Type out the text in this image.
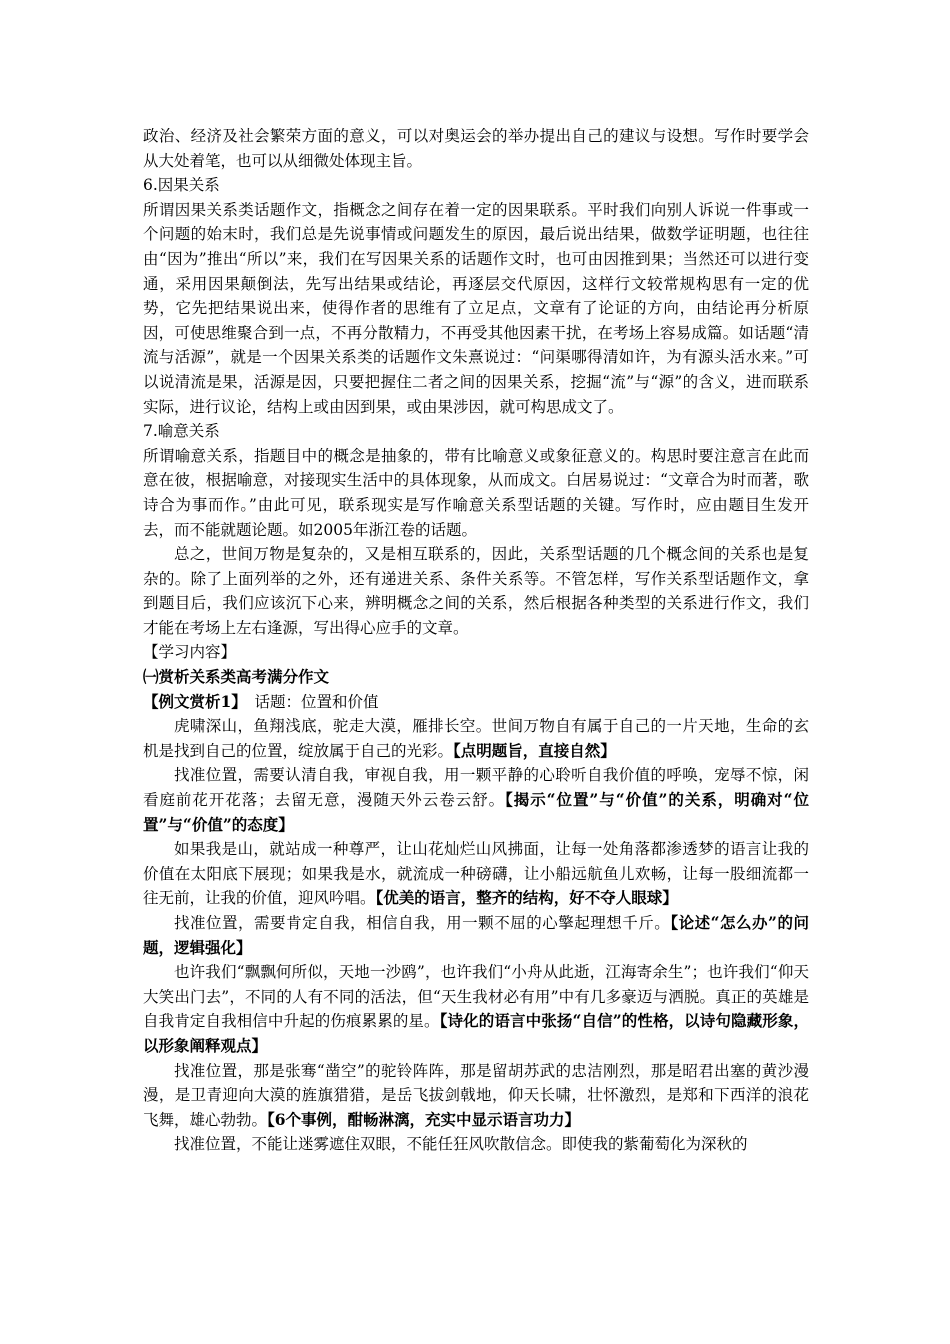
政治、经济及社会繁荣方面的意义，可以对奥运会的举办提出自己的建议与设想。写作时要学会从大处着笔，也可以从细微处体现主旨。

6.因果关系

所谓因果关系类话题作文，指概念之间存在着一定的因果联系。平时我们向别人诉说一件事或一个问题的始末时，我们总是先说事情或问题发生的原因，最后说出结果，做数学证明题，也往往由“因为”推出“所以”来，我们在写因果关系的话题作文时，也可由因推到果；当然还可以进行变通，采用因果颠倒法，先写出结果或结论，再逐层交代原因，这样行文较常规构思有一定的优势，它先把结果说出来，使得作者的思维有了立足点，文章有了论证的方向，由结论再分析原因，可使思维聚合到一点，不再分散精力，不再受其他因素干扰，在考场上容易成篇。如话题“清流与活源”，就是一个因果关系类的话题作文朱熹说过：“问渠哪得清如许，为有源头活水来。”可以说清流是果，活源是因，只要把握住二者之间的因果关系，挖掘“流”与“源”的含义，进而联系实际，进行议论，结构上或由因到果，或由果涉因，就可构思成文了。

7.喻意关系

所谓喻意关系，指题目中的概念是抽象的，带有比喻意义或象征意义的。构思时要注意言在此而意在彼，根据喻意，对接现实生活中的具体现象，从而成文。白居易说过：“文章合为时而著，歌诗合为事而作。”由此可见，联系现实是写作喻意关系型话题的关键。写作时，应由题目生发开去，而不能就题论题。如2005年浙江卷的话题。

总之，世间万物是复杂的，又是相互联系的，因此，关系型话题的几个概念间的关系也是复杂的。除了上面列举的之外，还有递进关系、条件关系等。不管怎样，写作关系型话题作文，拿到题目后，我们应该沉下心来，辨明概念之间的关系，然后根据各种类型的关系进行作文，我们才能在考场上左右逢源，写出得心应手的文章。

【学习内容】

㈠赏析关系类高考满分作文

【例文赏析1】　话题：位置和价值

虎啸深山，鱼翔浅底，驼走大漠，雁排长空。世间万物自有属于自己的一片天地，生命的玄机是找到自己的位置，绽放属于自己的光彩。【点明题旨，直接自然】

找准位置，需要认清自我，审视自我，用一颗平静的心聆听自我价值的呼唤，宠辱不惊，闲看庭前花开花落；去留无意，漫随天外云卷云舒。【揭示“位置”与“价值”的关系，明确对“位置”与“价值”的态度】

如果我是山，就站成一种尊严，让山花灿烂山风拂面，让每一处角落都渗透梦的语言让我的价值在太阳底下展现；如果我是水，就流成一种磅礴，让小船远航鱼儿欢畅，让每一股细流都一往无前，让我的价值，迎风吟唱。【优美的语言，整齐的结构，好不夺人眼球】

找准位置，需要肯定自我，相信自我，用一颗不屈的心擎起理想千斤。【论述“怎么办”的问题，逻辑强化】

也许我们“飘飘何所似，天地一沙鸥”，也许我们“小舟从此逝，江海寄余生”；也许我们“仰天大笑出门去”，不同的人有不同的活法，但“天生我材必有用”中有几多豪迈与洒脱。真正的英雄是自我肯定自我相信中升起的伤痕累累的星。【诗化的语言中张扬“自信”的性格，以诗句隐藏形象，以形象阐释观点】

找准位置，那是张骞“凿空”的驼铃阵阵，那是留胡苏武的忠洁刚烈，那是昭君出塞的黄沙漫漫，是卫青迎向大漠的旌旗猎猎，是岳飞拔剑戟地，仰天长啸，壮怀激烈，是郑和下西洋的浪花飞舞，雄心勃勃。【6个事例，酣畅淋漓，充实中显示语言功力】

找准位置，不能让迷雾遮住双眼，不能任狂风吹散信念。即使我的紫葡萄化为深秋的
